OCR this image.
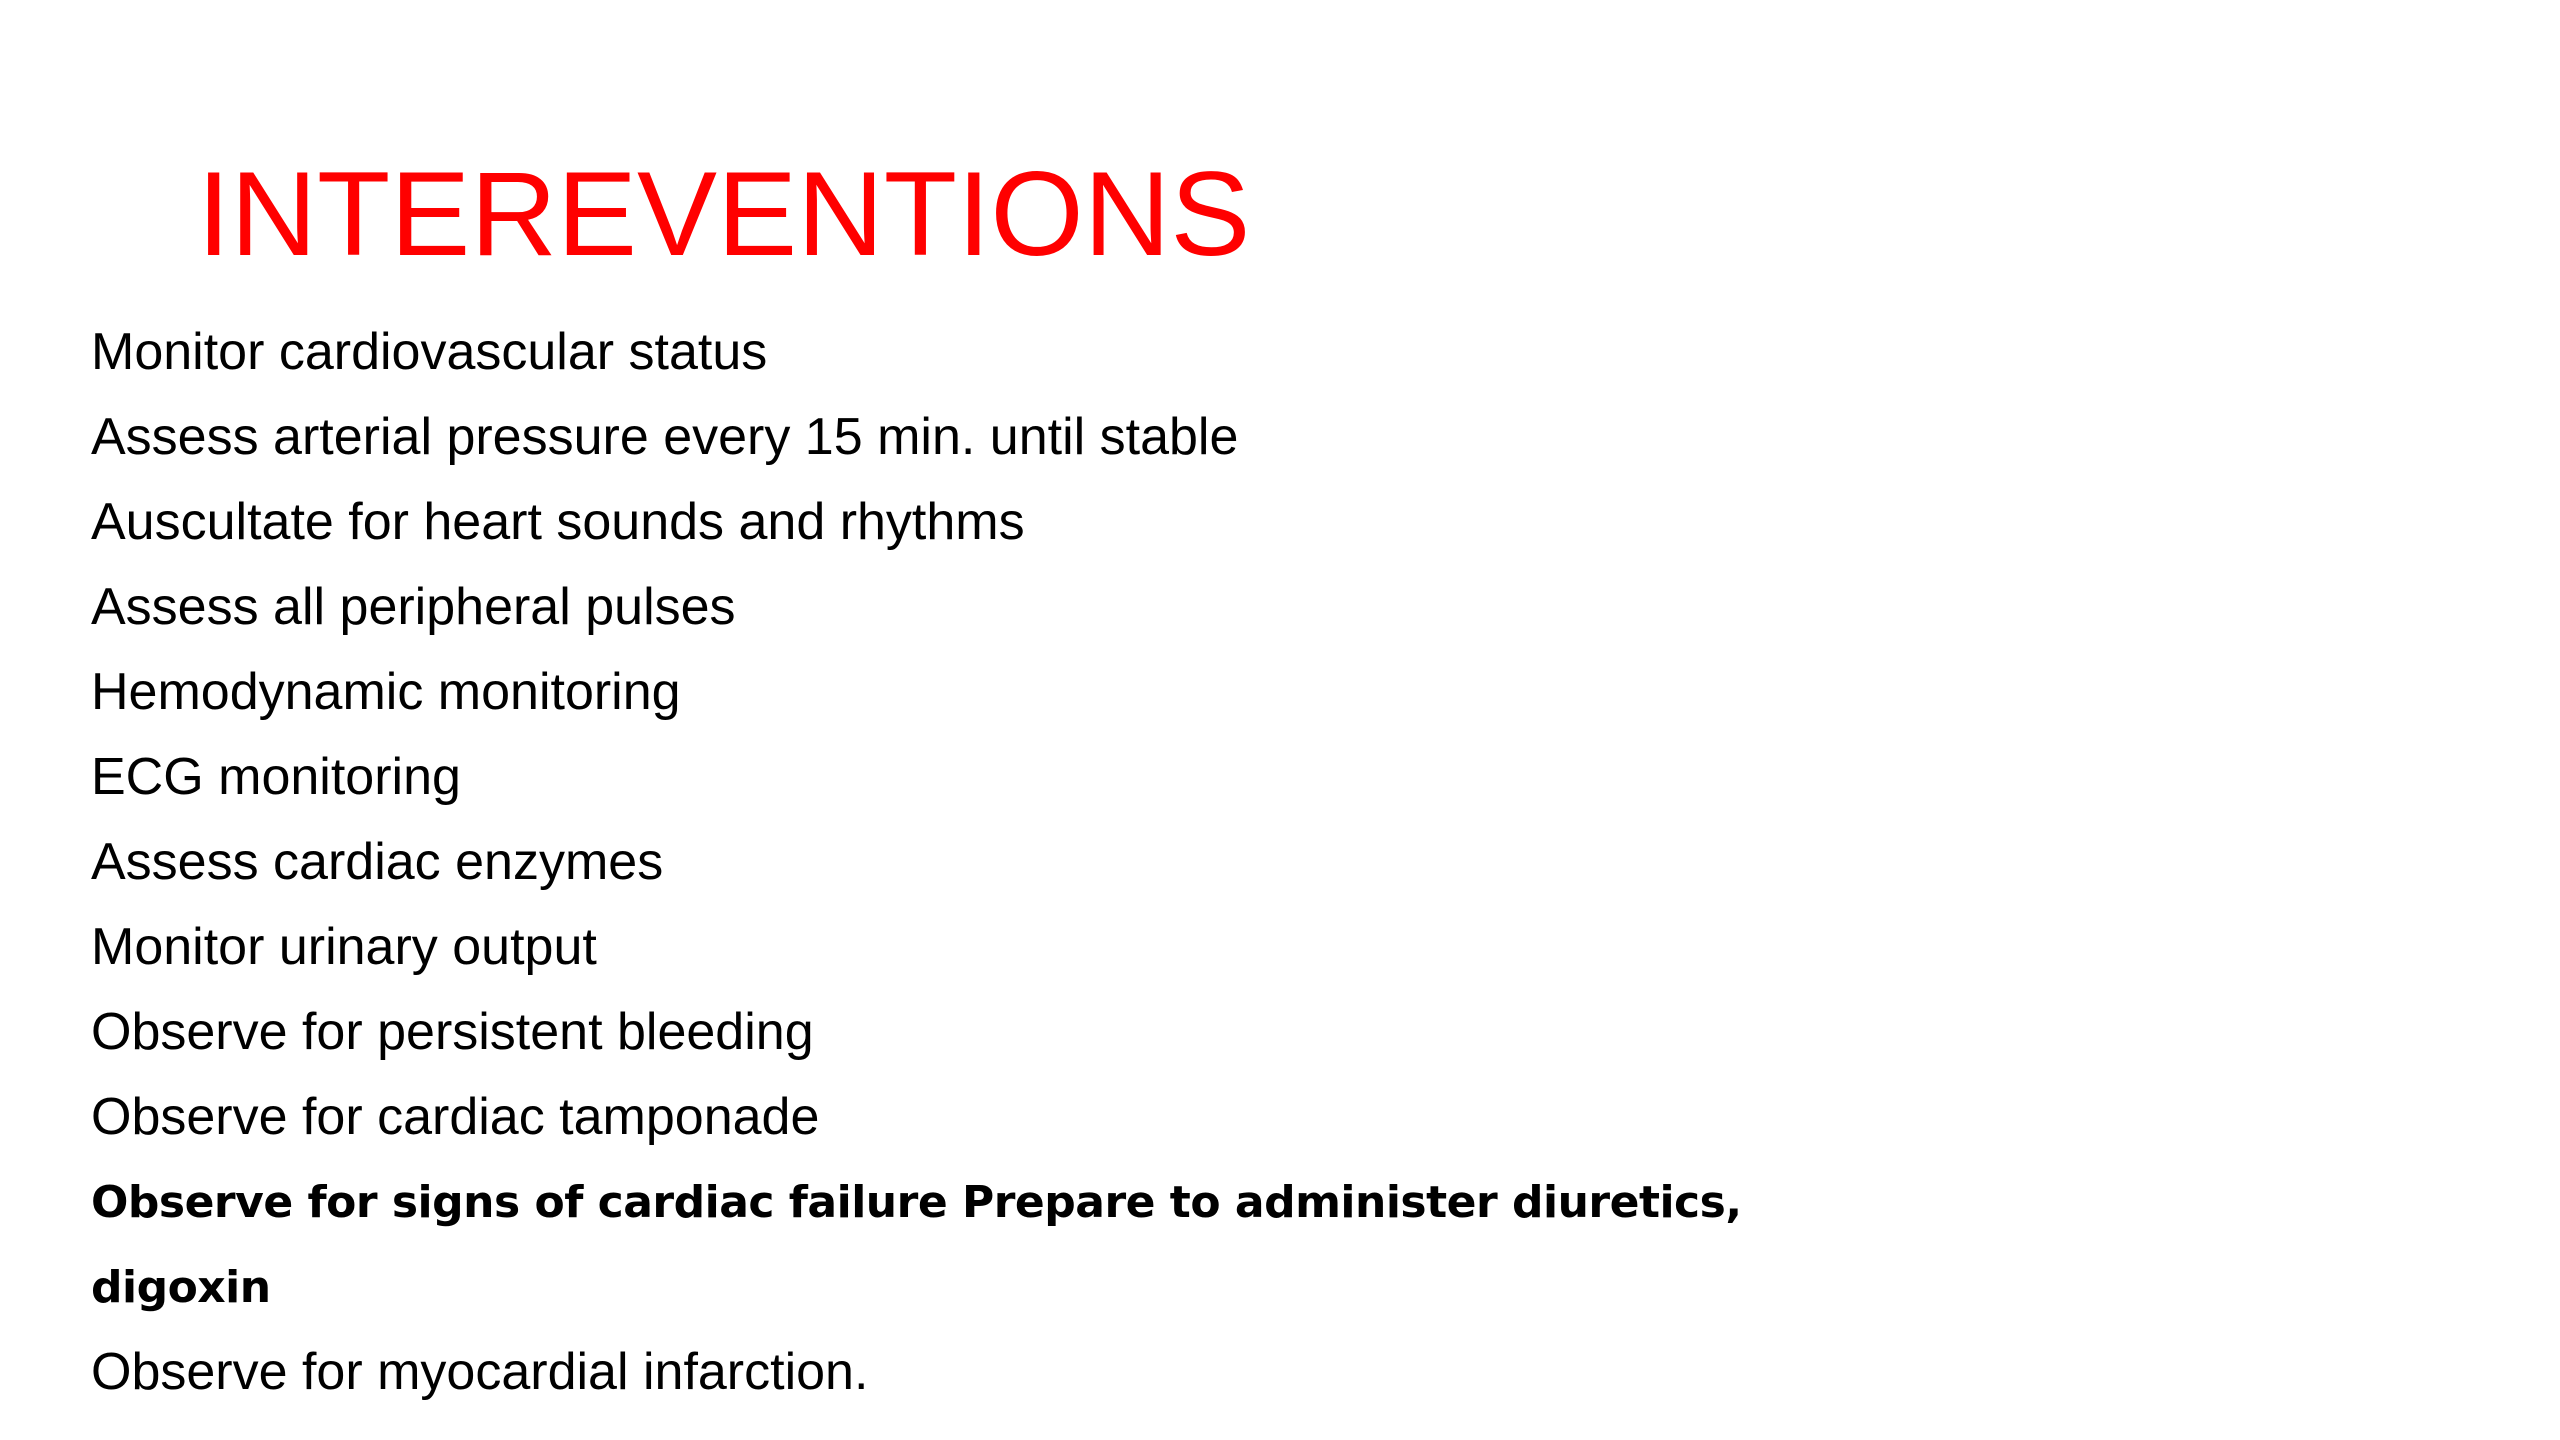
INTEREVENTIONS
Monitor cardiovascular status
Assess arterial pressure every 15 min. until stable
Auscultate for heart sounds and rhythms
Assess all peripheral pulses
Hemodynamic monitoring
ECG monitoring
Assess cardiac enzymes
Monitor urinary output
Observe for persistent bleeding
Observe for cardiac tamponade
Observe for signs of cardiac failure Prepare to administer diuretics,
digoxin
Observe for myocardial infarction.
